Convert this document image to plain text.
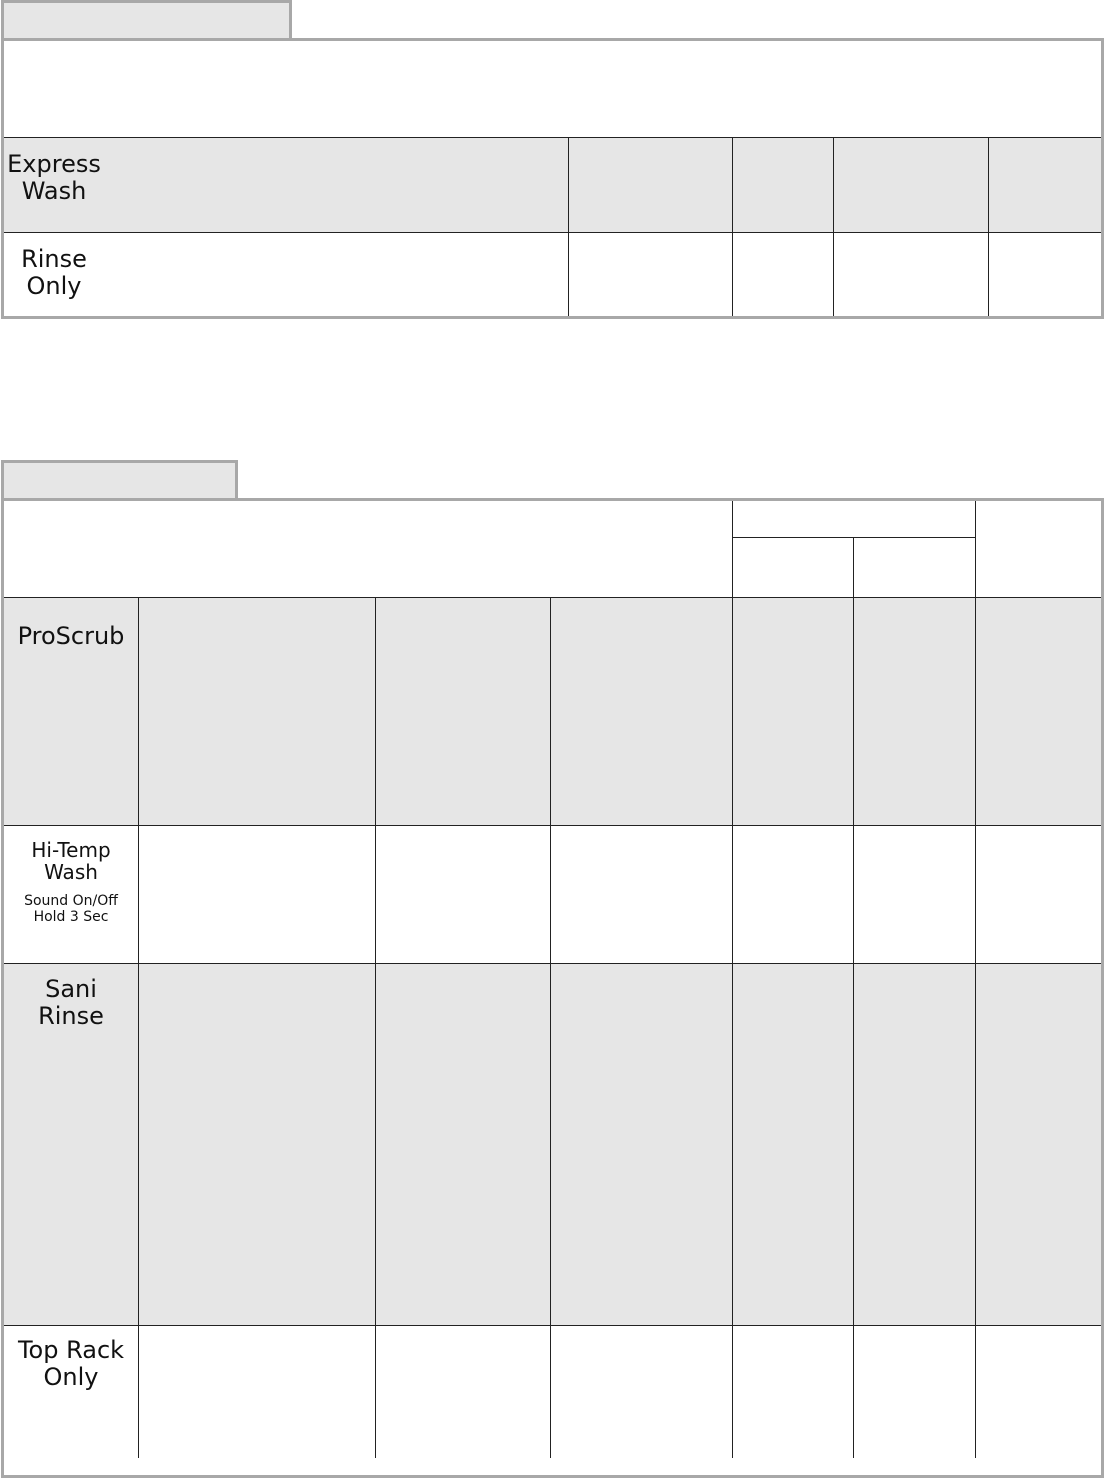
Express
Wash
Rinse
Only
ProScrub
Hi-Temp
Wash
Sound On/Off
Hold 3 Sec
Sani
Rinse
Top Rack
Only
